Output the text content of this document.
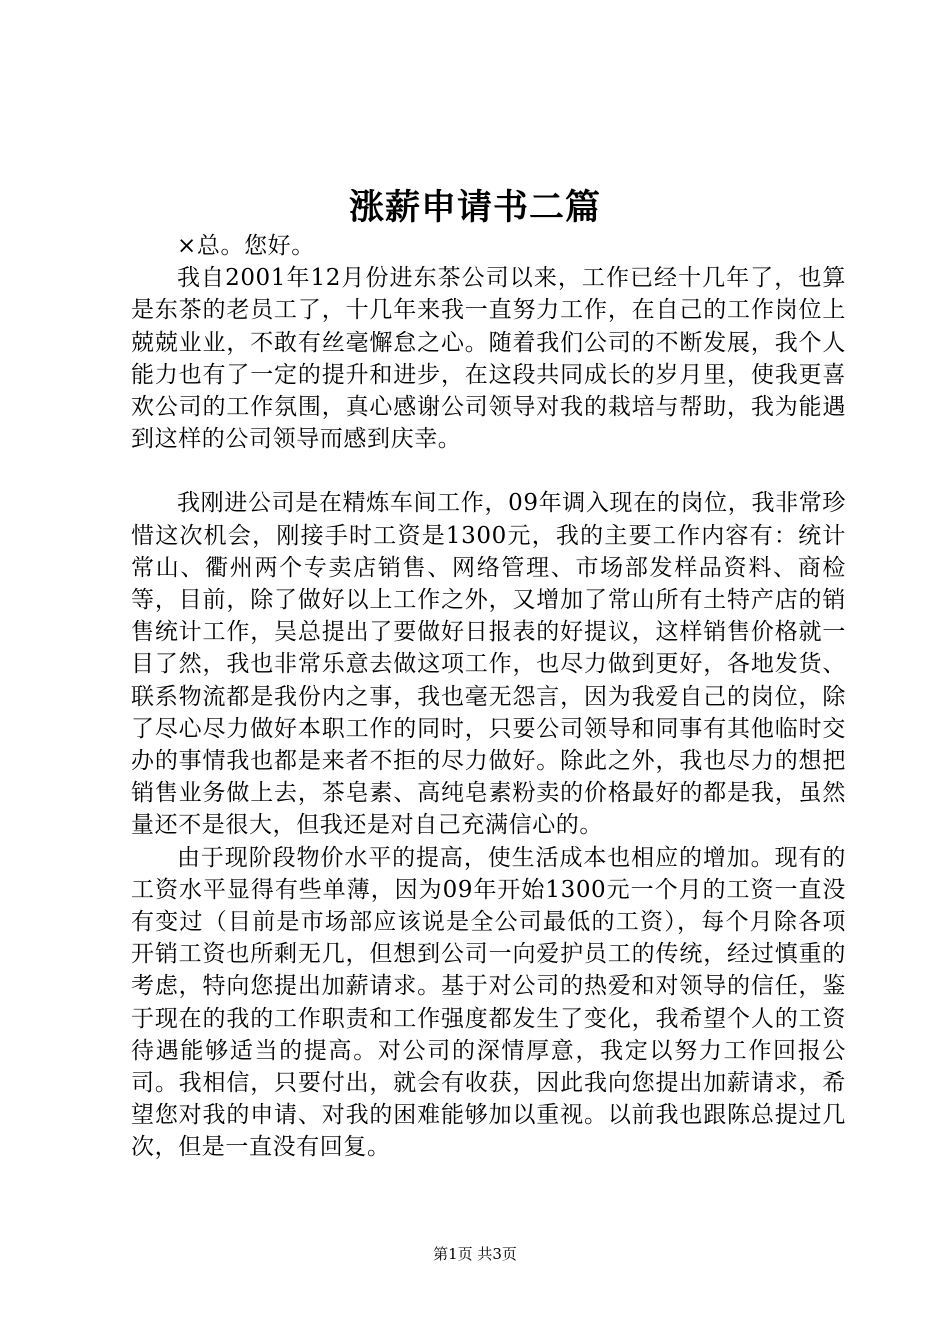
涨薪申请书二篇

×总。您好。

我自2001年12月份进东茶公司以来，工作已经十几年了，也算是东茶的老员工了，十几年来我一直努力工作，在自己的工作岗位上兢兢业业，不敢有丝毫懈怠之心。随着我们公司的不断发展，我个人能力也有了一定的提升和进步，在这段共同成长的岁月里，使我更喜欢公司的工作氛围，真心感谢公司领导对我的栽培与帮助，我为能遇到这样的公司领导而感到庆幸。

我刚进公司是在精炼车间工作，09年调入现在的岗位，我非常珍惜这次机会，刚接手时工资是1300元，我的主要工作内容有：统计常山、衢州两个专卖店销售、网络管理、市场部发样品资料、商检等，目前，除了做好以上工作之外，又增加了常山所有土特产店的销售统计工作，吴总提出了要做好日报表的好提议，这样销售价格就一目了然，我也非常乐意去做这项工作，也尽力做到更好，各地发货、联系物流都是我份内之事，我也毫无怨言，因为我爱自己的岗位，除了尽心尽力做好本职工作的同时，只要公司领导和同事有其他临时交办的事情我也都是来者不拒的尽力做好。除此之外，我也尽力的想把销售业务做上去，茶皂素、高纯皂素粉卖的价格最好的都是我，虽然量还不是很大，但我还是对自己充满信心的。

由于现阶段物价水平的提高，使生活成本也相应的增加。现有的工资水平显得有些单薄，因为09年开始1300元一个月的工资一直没有变过（目前是市场部应该说是全公司最低的工资），每个月除各项开销工资也所剩无几，但想到公司一向爱护员工的传统，经过慎重的考虑，特向您提出加薪请求。基于对公司的热爱和对领导的信任，鉴于现在的我的工作职责和工作强度都发生了变化，我希望个人的工资待遇能够适当的提高。对公司的深情厚意，我定以努力工作回报公司。我相信，只要付出，就会有收获，因此我向您提出加薪请求，希望您对我的申请、对我的困难能够加以重视。以前我也跟陈总提过几次，但是一直没有回复。

第1页 共3页
